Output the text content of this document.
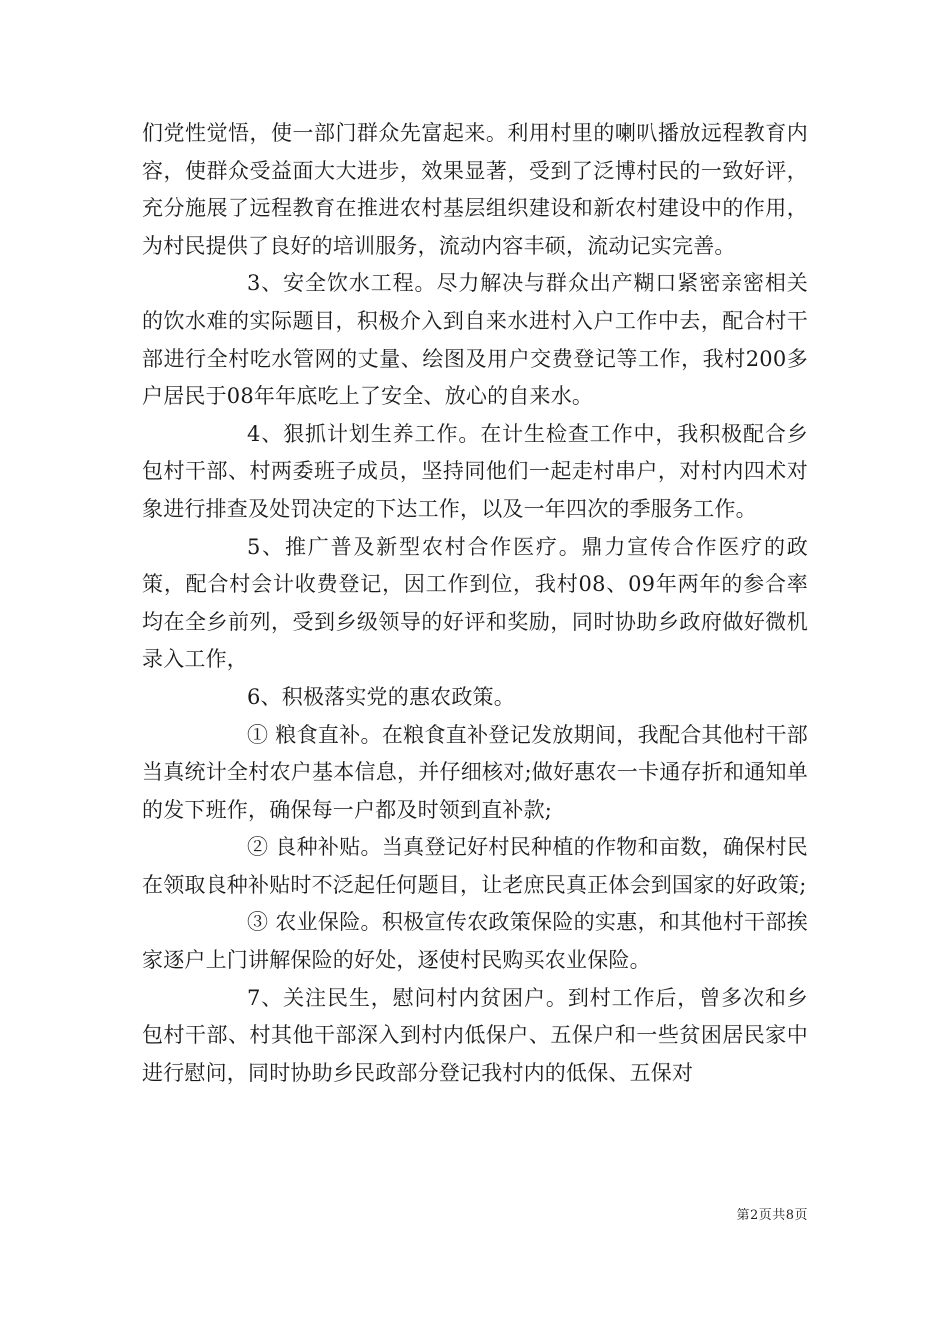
们党性觉悟，使一部门群众先富起来。利用村里的喇叭播放远程教育内容，使群众受益面大大进步，效果显著，受到了泛博村民的一致好评，充分施展了远程教育在推进农村基层组织建设和新农村建设中的作用，为村民提供了良好的培训服务，流动内容丰硕，流动记实完善。

3、安全饮水工程。尽力解决与群众出产糊口紧密亲密相关的饮水难的实际题目，积极介入到自来水进村入户工作中去，配合村干部进行全村吃水管网的丈量、绘图及用户交费登记等工作，我村200多户居民于08年年底吃上了安全、放心的自来水。

4、狠抓计划生养工作。在计生检查工作中，我积极配合乡包村干部、村两委班子成员，坚持同他们一起走村串户，对村内四术对象进行排查及处罚决定的下达工作，以及一年四次的季服务工作。

5、推广普及新型农村合作医疗。鼎力宣传合作医疗的政策，配合村会计收费登记，因工作到位，我村08、09年两年的参合率均在全乡前列，受到乡级领导的好评和奖励，同时协助乡政府做好微机录入工作，

6、积极落实党的惠农政策。

① 粮食直补。在粮食直补登记发放期间，我配合其他村干部当真统计全村农户基本信息，并仔细核对;做好惠农一卡通存折和通知单的发下班作，确保每一户都及时领到直补款;

② 良种补贴。当真登记好村民种植的作物和亩数，确保村民在领取良种补贴时不泛起任何题目，让老庶民真正体会到国家的好政策;

③ 农业保险。积极宣传农政策保险的实惠，和其他村干部挨家逐户上门讲解保险的好处，逐使村民购买农业保险。

7、关注民生，慰问村内贫困户。到村工作后，曾多次和乡包村干部、村其他干部深入到村内低保户、五保户和一些贫困居民家中进行慰问，同时协助乡民政部分登记我村内的低保、五保对

第2页共8页
